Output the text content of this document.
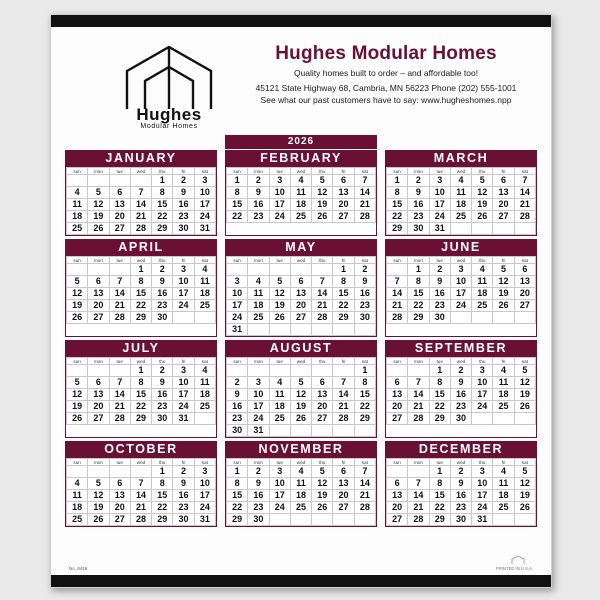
Hughes
Modular Homes
Hughes Modular Homes
Quality homes built to order – and affordable too!
45121 State Highway 68, Cambria, MN 56223 Phone (202) 555-1001
See what our past customers have to say: www.hugheshomes.npp
2026
JANUARY
sun	mon	tue	wed	thu	fri	sat
				1	2	3
4	5	6	7	8	9	10
11	12	13	14	15	16	17
18	19	20	21	22	23	24
25	26	27	28	29	30	31
FEBRUARY
sun	mon	tue	wed	thu	fri	sat
1	2	3	4	5	6	7
8	9	10	11	12	13	14
15	16	17	18	19	20	21
22	23	24	25	26	27	28
MARCH
sun	mon	tue	wed	thu	fri	sat
1	2	3	4	5	6	7
8	9	10	11	12	13	14
15	16	17	18	19	20	21
22	23	24	25	26	27	28
29	30	31				
APRIL
sun	mon	tue	wed	thu	fri	sat
			1	2	3	4
5	6	7	8	9	10	11
12	13	14	15	16	17	18
19	20	21	22	23	24	25
26	27	28	29	30		
MAY
sun	mon	tue	wed	thu	fri	sat
					1	2
3	4	5	6	7	8	9
10	11	12	13	14	15	16
17	18	19	20	21	22	23
24	25	26	27	28	29	30
31						
JUNE
sun	mon	tue	wed	thu	fri	sat
	1	2	3	4	5	6
7	8	9	10	11	12	13
14	15	16	17	18	19	20
21	22	23	24	25	26	27
28	29	30				
JULY
sun	mon	tue	wed	thu	fri	sat
			1	2	3	4
5	6	7	8	9	10	11
12	13	14	15	16	17	18
19	20	21	22	23	24	25
26	27	28	29	30	31	
AUGUST
sun	mon	tue	wed	thu	fri	sat
						1
2	3	4	5	6	7	8
9	10	11	12	13	14	15
16	17	18	19	20	21	22
23	24	25	26	27	28	29
30	31					
SEPTEMBER
sun	mon	tue	wed	thu	fri	sat
		1	2	3	4	5
6	7	8	9	10	11	12
13	14	15	16	17	18	19
20	21	22	23	24	25	26
27	28	29	30			
OCTOBER
sun	mon	tue	wed	thu	fri	sat
				1	2	3
4	5	6	7	8	9	10
11	12	13	14	15	16	17
18	19	20	21	22	23	24
25	26	27	28	29	30	31
NOVEMBER
sun	mon	tue	wed	thu	fri	sat
1	2	3	4	5	6	7
8	9	10	11	12	13	14
15	16	17	18	19	20	21
22	23	24	25	26	27	28
29	30					
DECEMBER
sun	mon	tue	wed	thu	fri	sat
		1	2	3	4	5
6	7	8	9	10	11	12
13	14	15	16	17	18	19
20	21	22	23	24	25	26
27	28	29	30	31		
No. 8416	PRINTED IN U.S.A.
